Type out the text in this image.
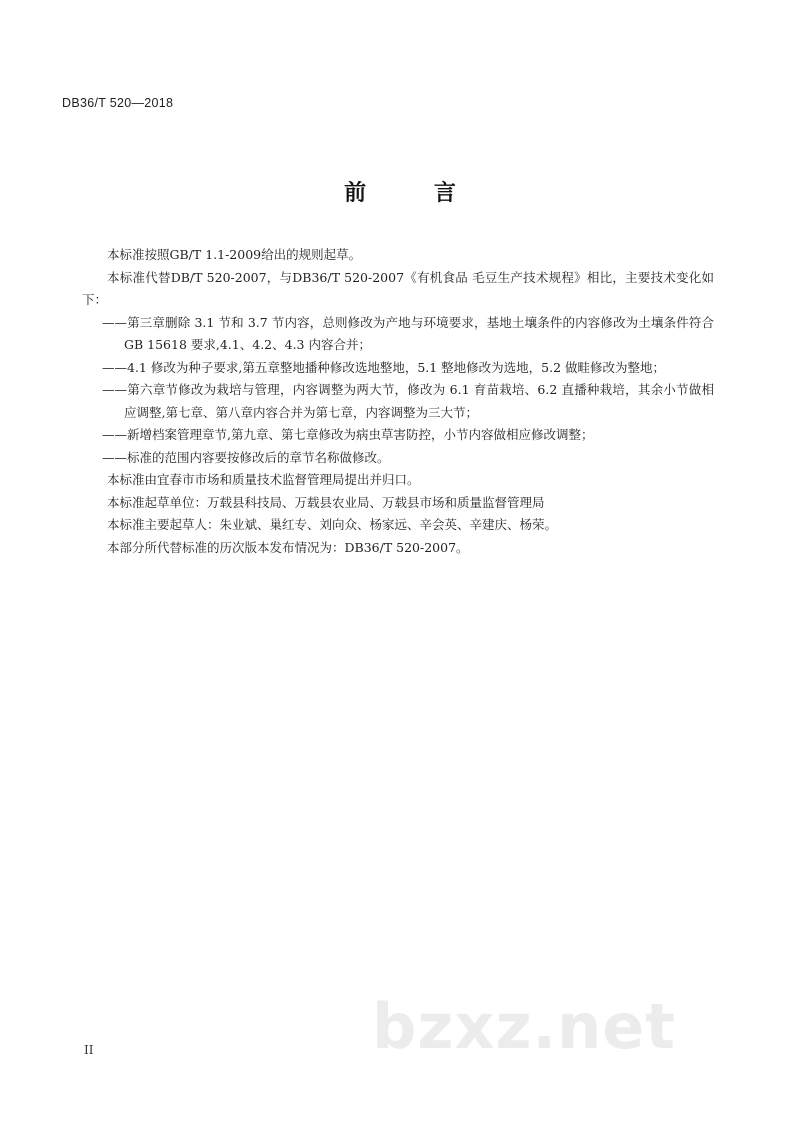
DB36/T 520—2018
前 言

本标准按照GB/T 1.1-2009给出的规则起草。

本标准代替DB/T 520-2007，与DB36/T 520-2007《有机食品 毛豆生产技术规程》相比，主要技术变化如下：

——第三章删除 3.1 节和 3.7 节内容，总则修改为产地与环境要求，基地土壤条件的内容修改为土壤条件符合 GB 15618 要求,4.1、4.2、4.3 内容合并；

——4.1 修改为种子要求,第五章整地播种修改选地整地，5.1 整地修改为选地，5.2 做畦修改为整地；

——第六章节修改为栽培与管理，内容调整为两大节，修改为 6.1 育苗栽培、6.2 直播种栽培，其余小节做相应调整,第七章、第八章内容合并为第七章，内容调整为三大节；

——新增档案管理章节,第九章、第七章修改为病虫草害防控，小节内容做相应修改调整；

——标准的范围内容要按修改后的章节名称做修改。

本标准由宜春市市场和质量技术监督管理局提出并归口。

本标准起草单位：万载县科技局、万载县农业局、万载县市场和质量监督管理局

本标准主要起草人：朱业斌、巢红专、刘向众、杨家远、辛会英、辛建庆、杨荣。

本部分所代替标准的历次版本发布情况为：DB36/T 520-2007。

bzxz.net
II
